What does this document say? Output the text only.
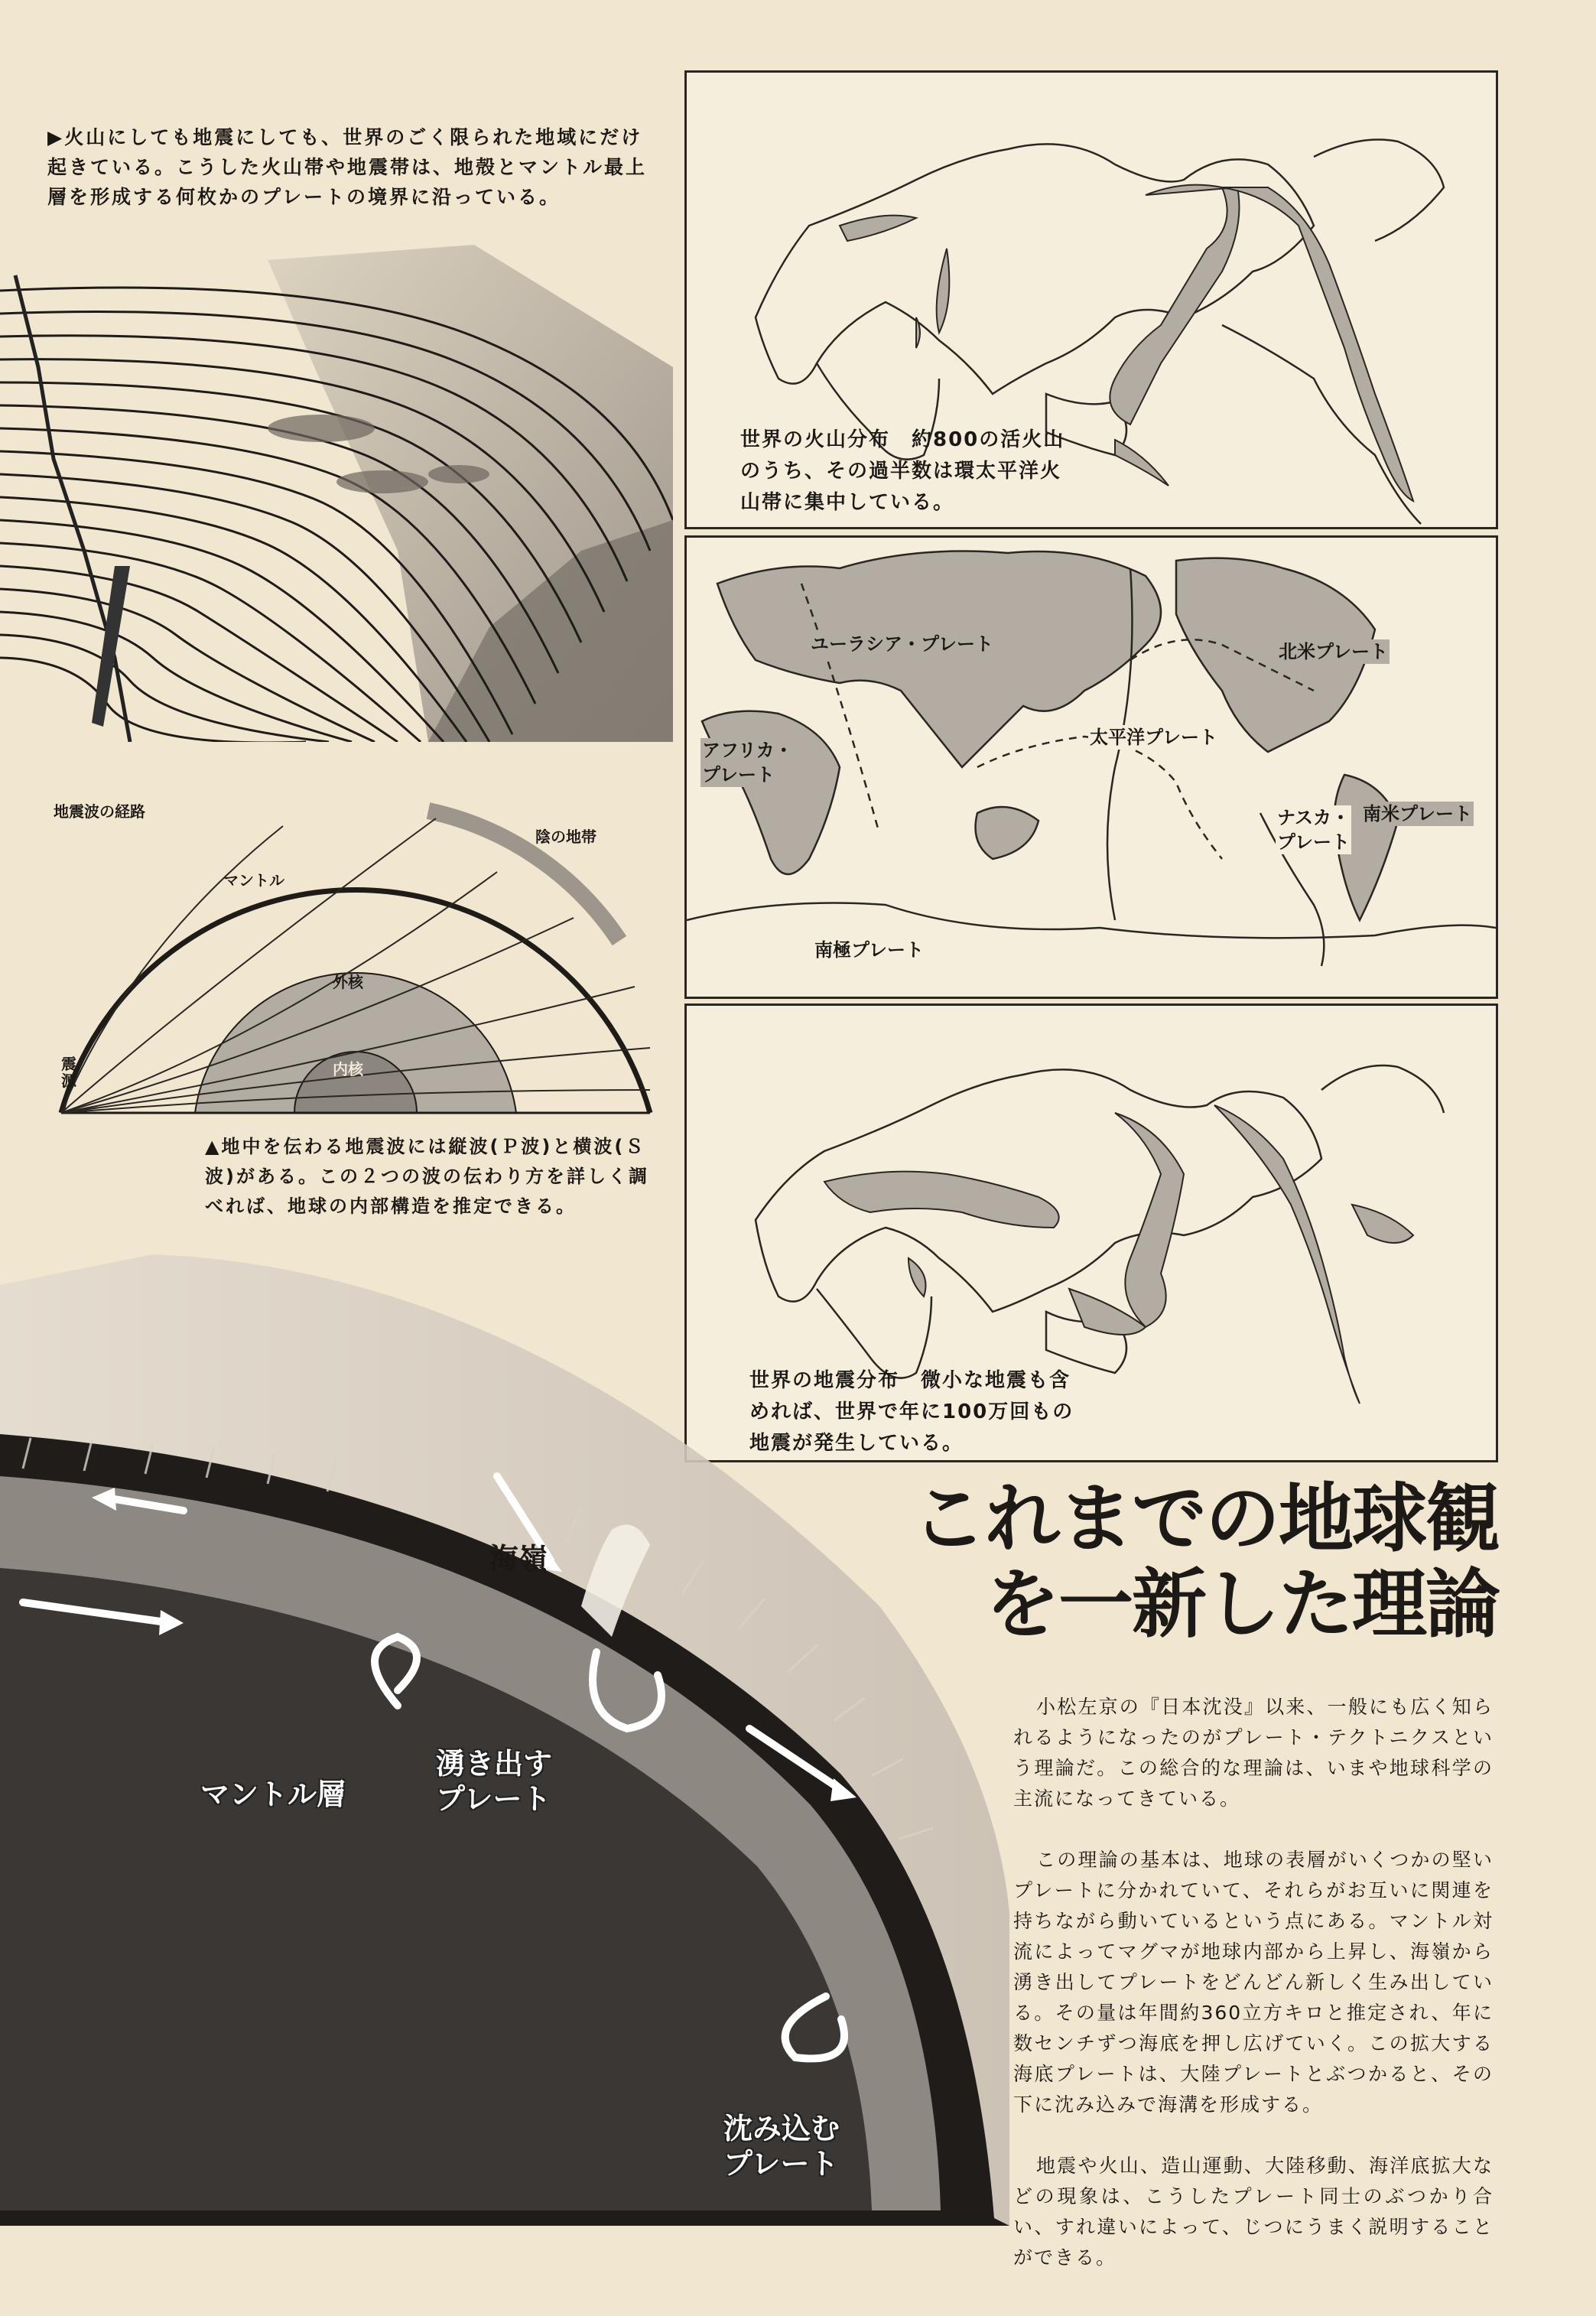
▶火山にしても地震にしても、世界のごく限られた地域にだけ起きている。こうした火山帯や地震帯は、地殻とマントル最上層を形成する何枚かのプレートの境界に沿っている。
地震波の経路
陰の地帯
マントル
外核
内核
震源
▲地中を伝わる地震波には縦波(Ｐ波)と横波(Ｓ波)がある。この２つの波の伝わり方を詳しく調べれば、地球の内部構造を推定できる。
世界の火山分布　約800の活火山のうち、その過半数は環太平洋火山帯に集中している。
ユーラシア・プレート	北米プレート
アフリカ・
プレート
太平洋プレート
ナスカ・
プレート
南米プレート
南極プレート
世界の地震分布　微小な地震も含めれば、世界で年に100万回もの地震が発生している。
海嶺
湧き出す
プレート
マントル層
沈み込む
プレート
これまでの地球観
を一新した理論

小松左京の『日本沈没』以来、一般にも広く知られるようになったのがプレート・テクトニクスという理論だ。この総合的な理論は、いまや地球科学の主流になってきている。

この理論の基本は、地球の表層がいくつかの堅いプレートに分かれていて、それらがお互いに関連を持ちながら動いているという点にある。マントル対流によってマグマが地球内部から上昇し、海嶺から湧き出してプレートをどんどん新しく生み出している。その量は年間約360立方キロと推定され、年に数センチずつ海底を押し広げていく。この拡大する海底プレートは、大陸プレートとぶつかると、その下に沈み込みで海溝を形成する。

地震や火山、造山運動、大陸移動、海洋底拡大などの現象は、こうしたプレート同士のぶつかり合い、すれ違いによって、じつにうまく説明することができる。
